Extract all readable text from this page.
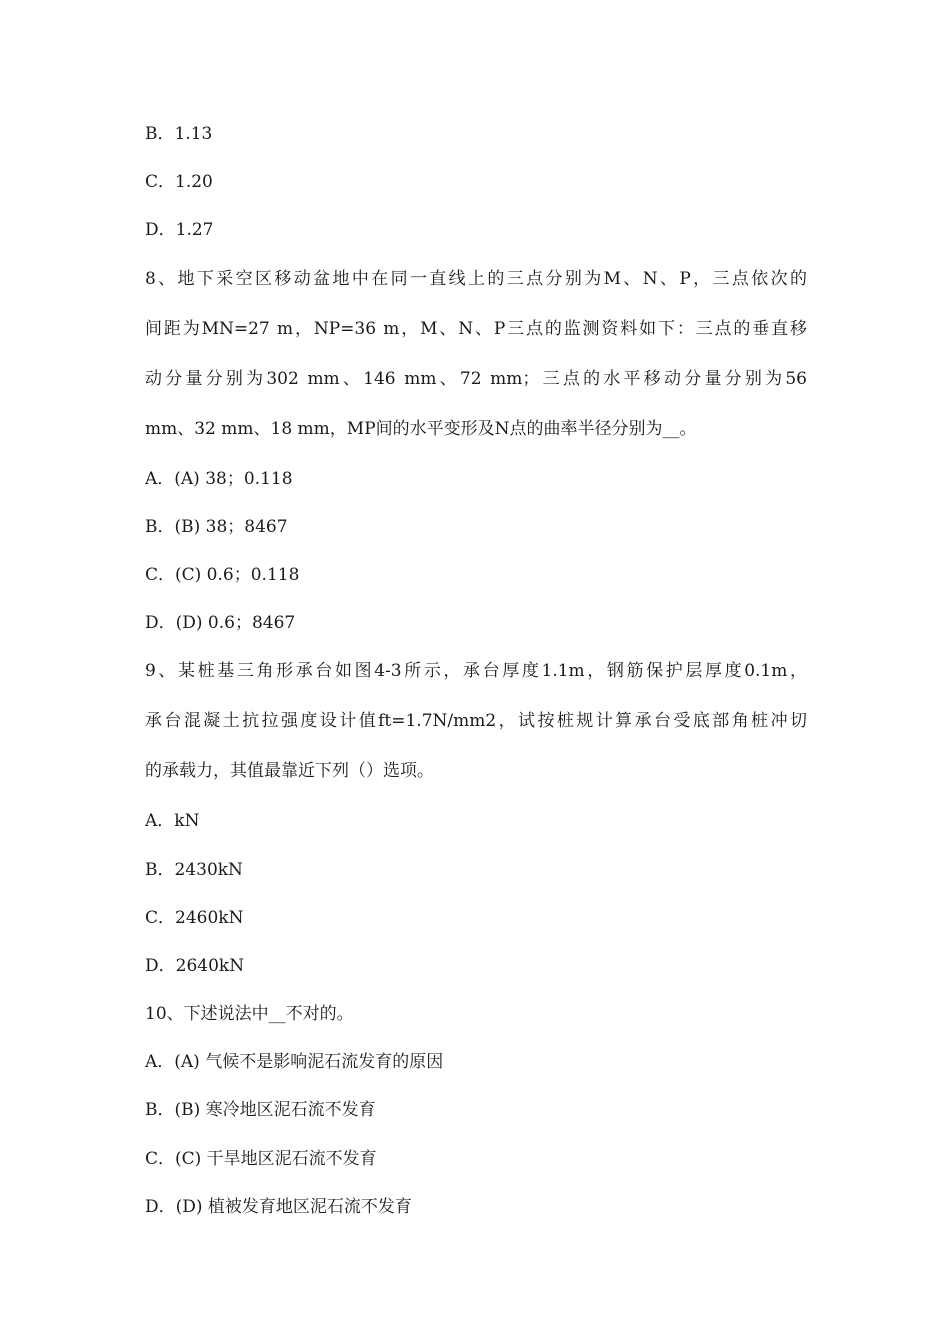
B．1.13
C．1.20
D．1.27
8、地下采空区移动盆地中在同一直线上的三点分别为M、N、P，三点依次的
间距为MN=27 m，NP=36 m，M、N、P三点的监测资料如下：三点的垂直移
动分量分别为302 mm、146 mm、72 mm；三点的水平移动分量分别为56
mm、32 mm、18 mm，MP间的水平变形及N点的曲率半径分别为__。
A．(A) 38；0.118
B．(B) 38；8467
C．(C) 0.6；0.118
D．(D) 0.6；8467
9、某桩基三角形承台如图4-3所示，承台厚度1.1m，钢筋保护层厚度0.1m，
承台混凝土抗拉强度设计值ft=1.7N/mm2，试按桩规计算承台受底部角桩冲切
的承载力，其值最靠近下列（）选项。
A．kN
B．2430kN
C．2460kN
D．2640kN
10、下述说法中__不对的。
A．(A) 气候不是影响泥石流发育的原因
B．(B) 寒冷地区泥石流不发育
C．(C) 干旱地区泥石流不发育
D．(D) 植被发育地区泥石流不发育
